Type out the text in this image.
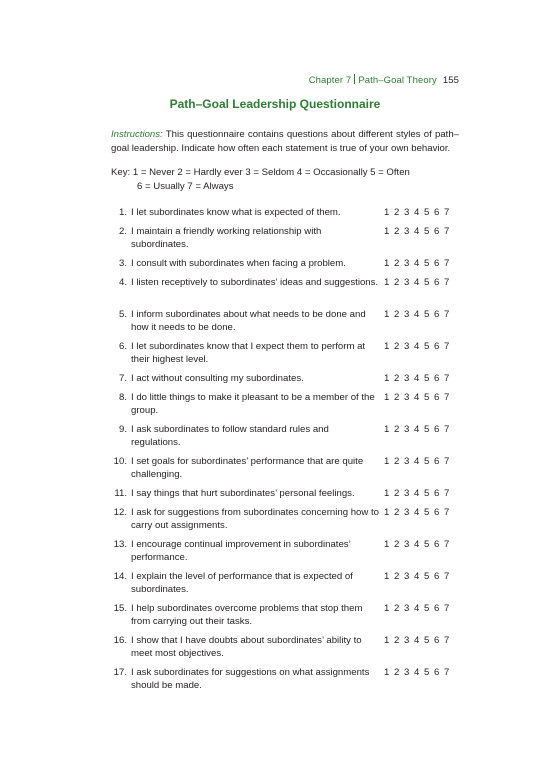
Chapter 7 Path–Goal Theory 155
Path–Goal Leadership Questionnaire
Instructions: This questionnaire contains questions about different styles of path–goal leadership. Indicate how often each statement is true of your own behavior.
Key: 1 = Never 2 = Hardly ever 3 = Seldom 4 = Occasionally 5 = Often
6 = Usually 7 = Always
1. I let subordinates know what is expected of them.	1 2 3 4 5 6 7
2. I maintain a friendly working relationship with subordinates.
1 2 3 4 5 6 7
3. I consult with subordinates when facing a problem.	1 2 3 4 5 6 7
4. I listen receptively to subordinates’ ideas and suggestions. 1 2 3 4 5 6 7
5. I inform subordinates about what needs to be done and how it needs to be done.
1 2 3 4 5 6 7
6. I let subordinates know that I expect them to perform at their highest level.
1 2 3 4 5 6 7
7. I act without consulting my subordinates.	1 2 3 4 5 6 7
8. I do little things to make it pleasant to be a member of the group.
1 2 3 4 5 6 7
9. I ask subordinates to follow standard rules and regulations.
1 2 3 4 5 6 7
10. I set goals for subordinates’ performance that are quite challenging.
1 2 3 4 5 6 7
11. I say things that hurt subordinates’ personal feelings.	1 2 3 4 5 6 7
12. I ask for suggestions from subordinates concerning how to carry out assignments.
1 2 3 4 5 6 7
13. I encourage continual improvement in subordinates’ performance.
1 2 3 4 5 6 7
14. I explain the level of performance that is expected of subordinates.
1 2 3 4 5 6 7
15. I help subordinates overcome problems that stop them from carrying out their tasks.
1 2 3 4 5 6 7
16. I show that I have doubts about subordinates’ ability to meet most objectives.
1 2 3 4 5 6 7
17. I ask subordinates for suggestions on what assignments should be made.
1 2 3 4 5 6 7
